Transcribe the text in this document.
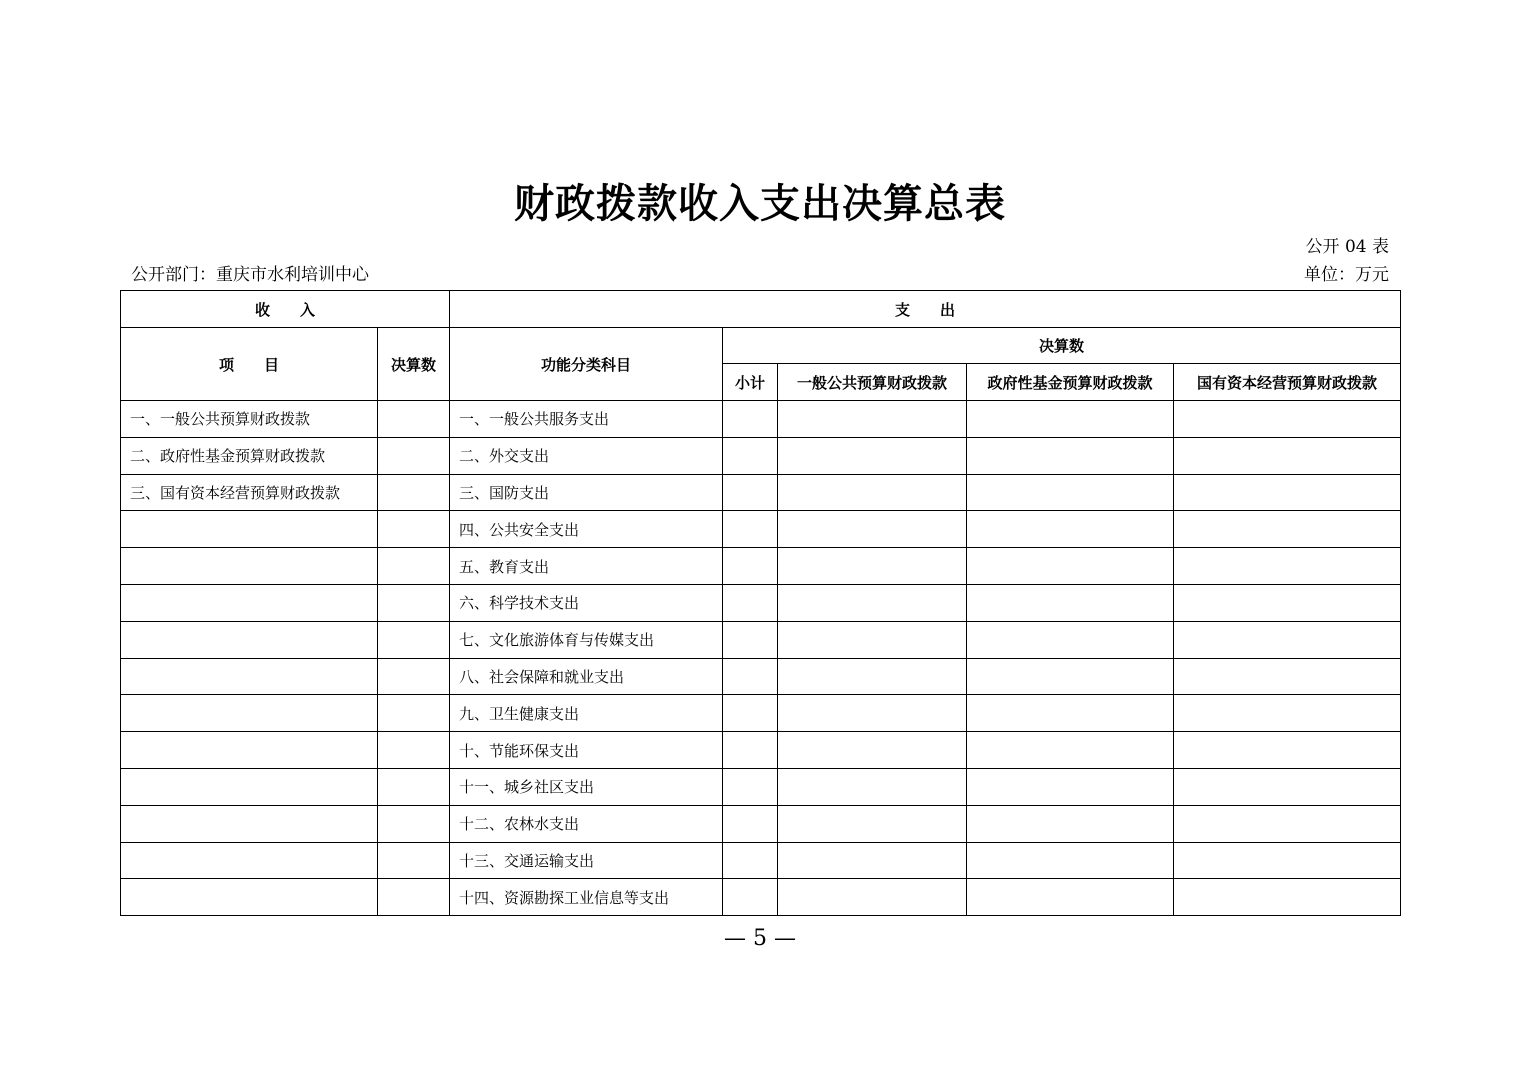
财政拨款收入支出决算总表
公开 04 表
公开部门：重庆市水利培训中心	单位：万元
收　　入		支　　出				
项　　目	决算数	功能分类科目	决算数			
			小计	一般公共预算财政拨款	政府性基金预算财政拨款	国有资本经营预算财政拨款
一、一般公共预算财政拨款		一、一般公共服务支出				
二、政府性基金预算财政拨款		二、外交支出				
三、国有资本经营预算财政拨款		三、国防支出				
		四、公共安全支出				
		五、教育支出				
		六、科学技术支出				
		七、文化旅游体育与传媒支出				
		八、社会保障和就业支出				
		九、卫生健康支出				
		十、节能环保支出				
		十一、城乡社区支出				
		十二、农林水支出				
		十三、交通运输支出				
		十四、资源勘探工业信息等支出				
— 5 —
